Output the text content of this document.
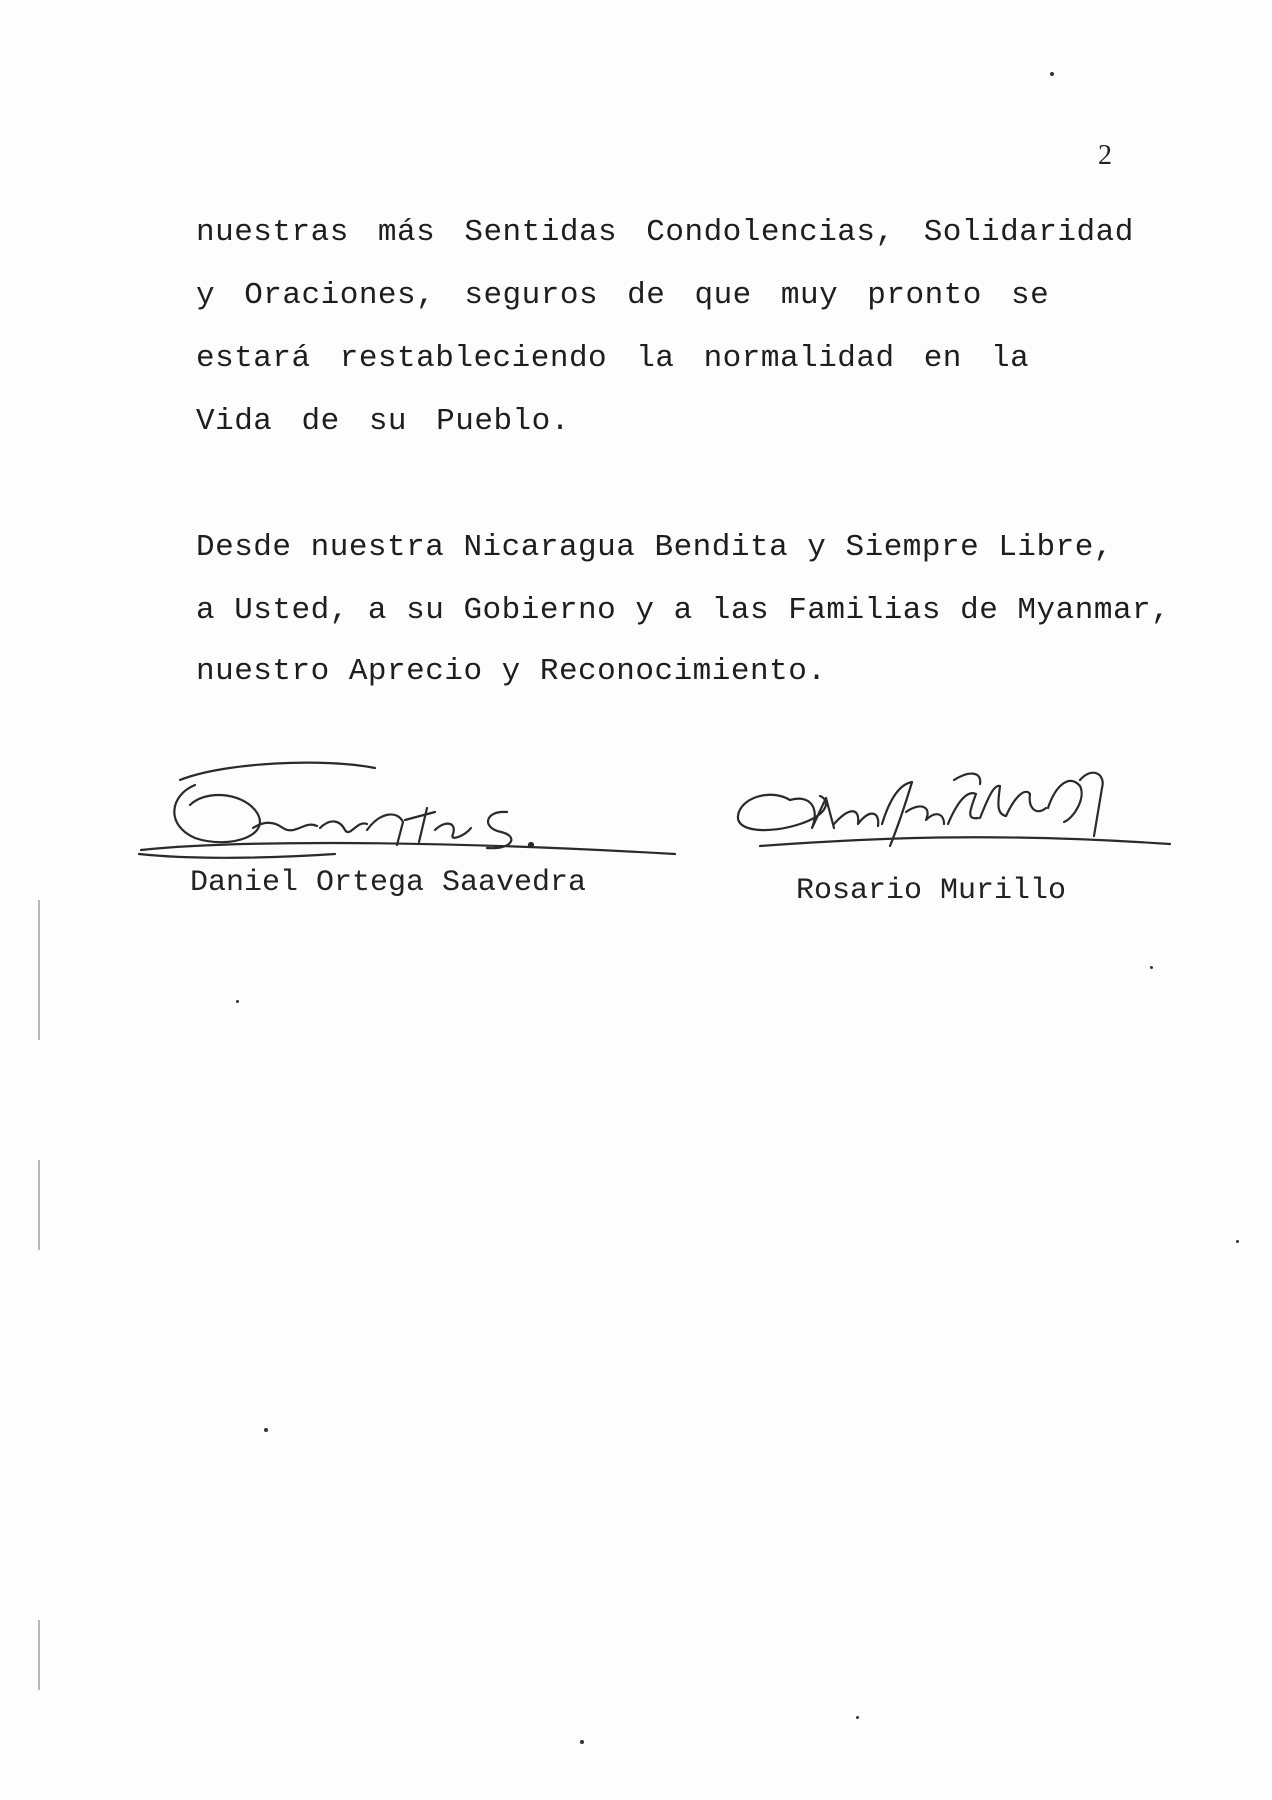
2
nuestras más Sentidas Condolencias, Solidaridad
y Oraciones, seguros de que muy pronto se
estará restableciendo la normalidad en la
Vida de su Pueblo.
Desde nuestra Nicaragua Bendita y Siempre Libre,
a Usted, a su Gobierno y a las Familias de Myanmar,
nuestro Aprecio y Reconocimiento.
Daniel Ortega Saavedra	Rosario Murillo
